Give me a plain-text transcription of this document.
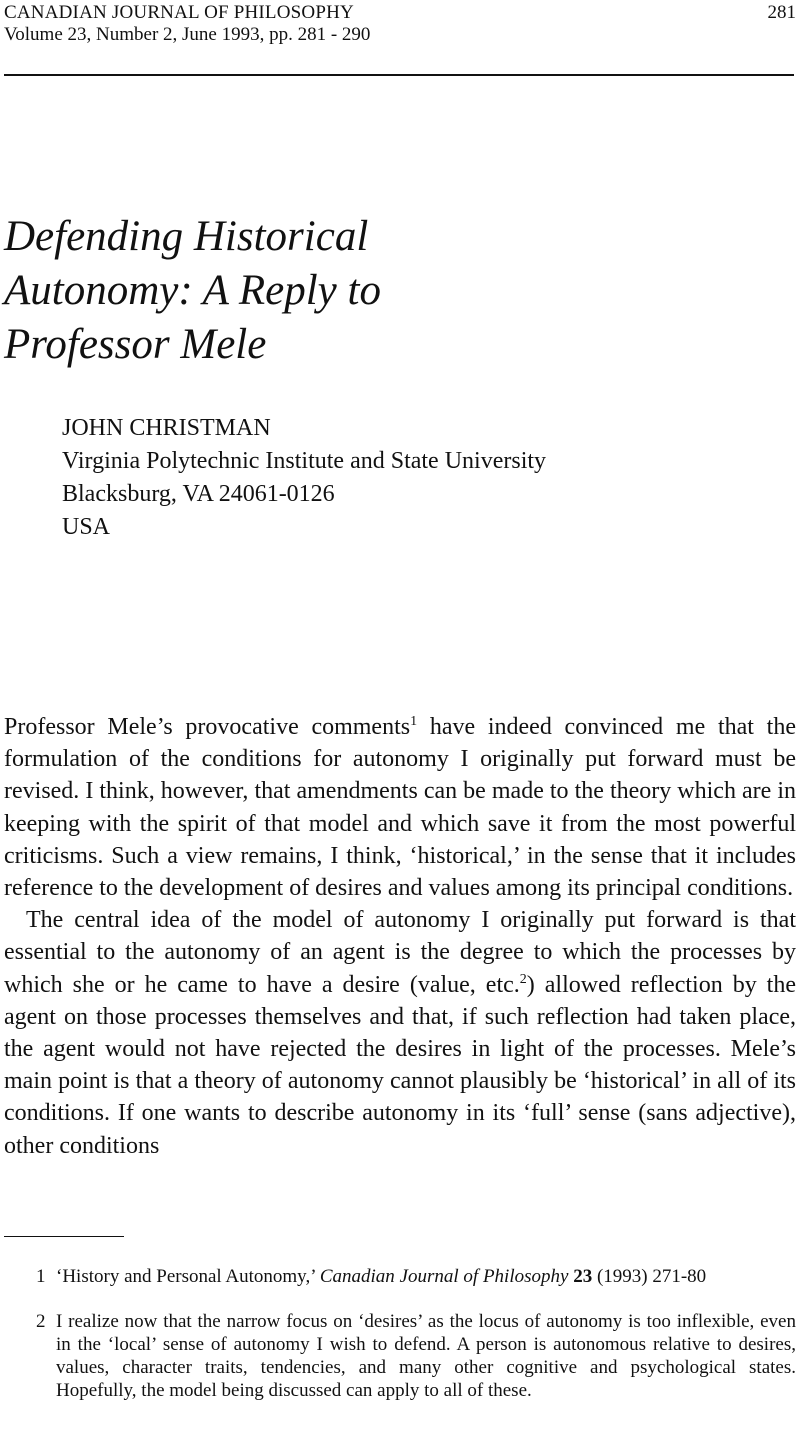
CANADIAN JOURNAL OF PHILOSOPHY
Volume 23, Number 2, June 1993, pp. 281 - 290
281
Defending Historical
Autonomy: A Reply to
Professor Mele
JOHN CHRISTMAN
Virginia Polytechnic Institute and State University
Blacksburg, VA 24061-0126
USA

Professor Mele’s provocative comments$^1$ have indeed convinced me that the formulation of the conditions for autonomy I originally put forward must be revised. I think, however, that amendments can be made to the theory which are in keeping with the spirit of that model and which save it from the most powerful criticisms. Such a view remains, I think, ‘historical,’ in the sense that it includes reference to the development of desires and values among its principal conditions.

The central idea of the model of autonomy I originally put forward is that essential to the autonomy of an agent is the degree to which the processes by which she or he came to have a desire (value, etc.$^2$) allowed reflection by the agent on those processes themselves and that, if such reflection had taken place, the agent would not have rejected the desires in light of the processes. Mele’s main point is that a theory of autonomy cannot plausibly be ‘historical’ in all of its conditions. If one wants to describe autonomy in its ‘full’ sense (sans adjective), other conditions

1 ‘History and Personal Autonomy,’ Canadian Journal of Philosophy 23 (1993) 271-80
2 I realize now that the narrow focus on ‘desires’ as the locus of autonomy is too inflexible, even in the ‘local’ sense of autonomy I wish to defend. A person is autonomous relative to desires, values, character traits, tendencies, and many other cognitive and psychological states. Hopefully, the model being discussed can apply to all of these.
